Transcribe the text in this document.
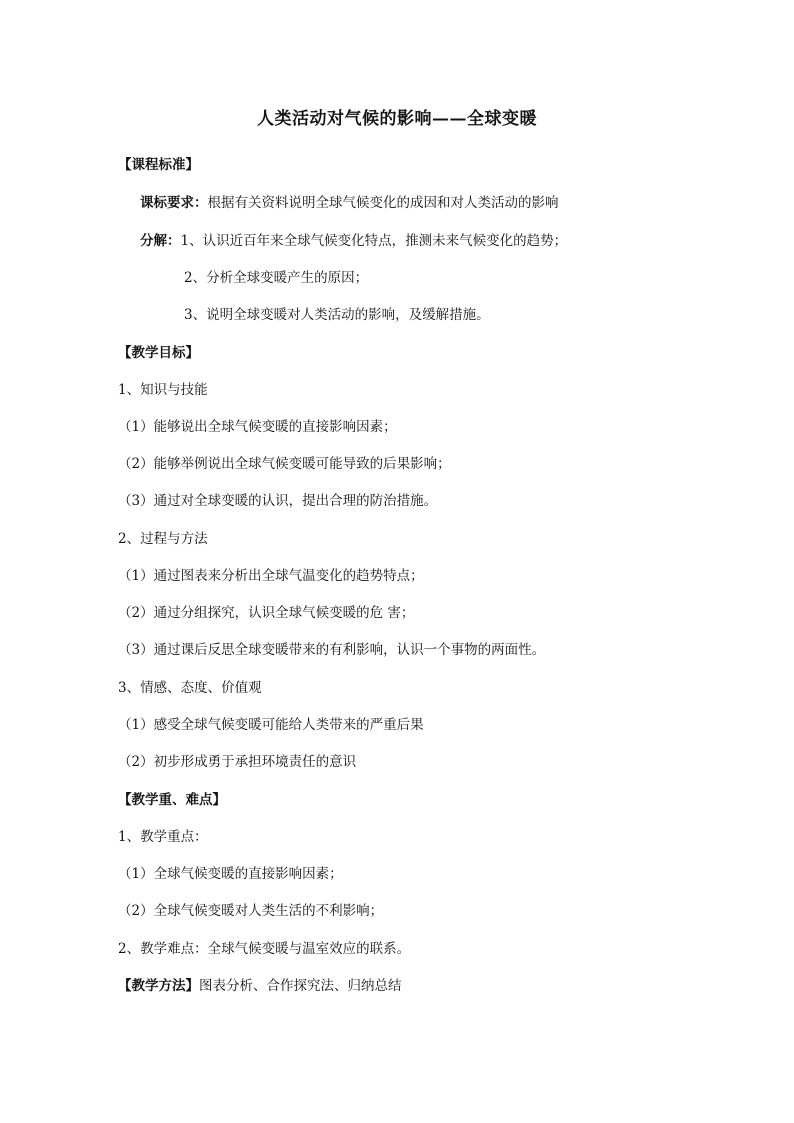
人类活动对气候的影响——全球变暖
【课程标准】
课标要求：根据有关资料说明全球气候变化的成因和对人类活动的影响
分解：1、认识近百年来全球气候变化特点，推测未来气候变化的趋势；
2、分析全球变暖产生的原因；
3、说明全球变暖对人类活动的影响，及缓解措施。
【教学目标】
1、知识与技能
（1）能够说出全球气候变暖的直接影响因素；
（2）能够举例说出全球气候变暖可能导致的后果影响；
（3）通过对全球变暖的认识，提出合理的防治措施。
2、过程与方法
（1）通过图表来分析出全球气温变化的趋势特点；
（2）通过分组探究，认识全球气候变暖的危 害；
（3）通过课后反思全球变暖带来的有利影响，认识一个事物的两面性。
3、情感、态度、价值观
（1）感受全球气候变暖可能给人类带来的严重后果
（2）初步形成勇于承担环境责任的意识
【教学重、难点】
1、教学重点：
（1）全球气候变暖的直接影响因素；
（2）全球气候变暖对人类生活的不利影响；
2、教学难点：全球气候变暖与温室效应的联系。
【教学方法】图表分析、合作探究法、归纳总结
